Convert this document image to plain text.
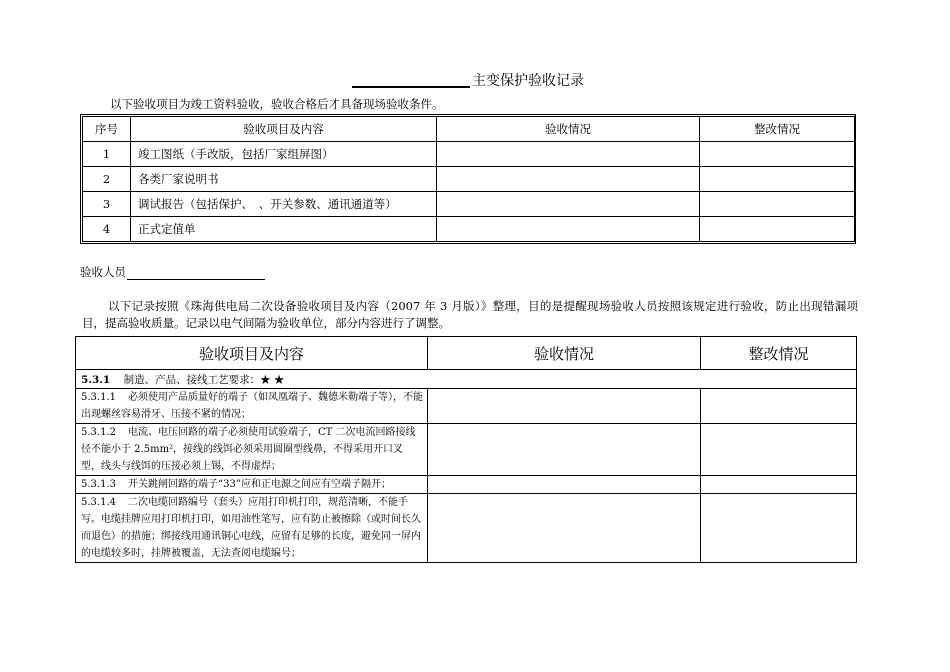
主变保护验收记录
以下验收项目为竣工资料验收，验收合格后才具备现场验收条件。
序号	验收项目及内容	验收情况	整改情况
1	竣工图纸（手改版，包括厂家组屏图）		
2	各类厂家说明书		
3	调试报告（包括保护、　、开关参数、通讯通道等）		
4	正式定值单		
验收人员
以下记录按照《珠海供电局二次设备验收项目及内容（2007 年 3 月版）》整理，目的是提醒现场验收人员按照该规定进行验收，防止出现错漏项目，提高验收质量。记录以电气间隔为验收单位，部分内容进行了调整。
验收项目及内容	验收情况	整改情况
5.3.1 制造、产品、接线工艺要求：★ ★		
5.3.1.1 必须使用产品质量好的端子（如凤凰端子、魏德米勒端子等），不能出现螺丝容易滑牙、压接不紧的情况；		
5.3.1.2 电流、电压回路的端子必须使用试验端子，CT 二次电流回路接线径不能小于 2.5mm²，接线的线饵必须采用圆圈型线鼻，不得采用开口叉型，线头与线饵的压接必须上锡，不得虚焊；		
5.3.1.3 开关跳闸回路的端子“33”应和正电源之间应有空端子隔开；		
5.3.1.4 二次电缆回路编号（套头）应用打印机打印，规范清晰，不能手写。电缆挂牌应用打印机打印，如用油性笔写，应有防止被擦除（或时间长久而退色）的措施；绑接线用通讯铜心电线，应留有足够的长度，避免同一屏内的电缆较多时，挂牌被覆盖，无法查阅电缆编号；		
